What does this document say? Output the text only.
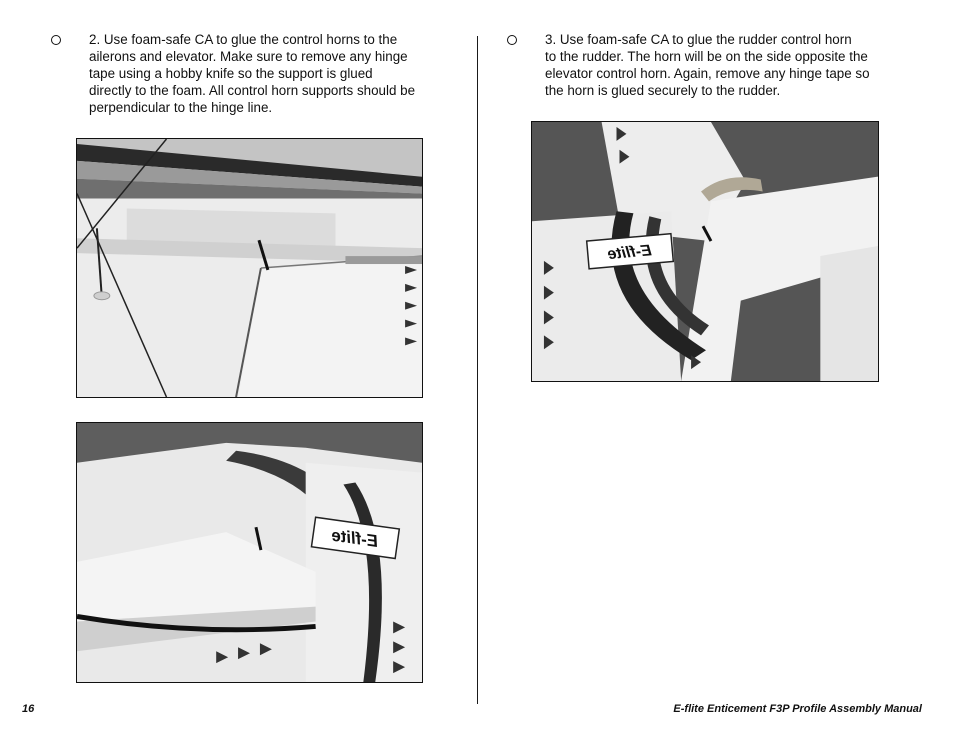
2. Use foam-safe CA to glue the control horns to the
ailerons and elevator. Make sure to remove any hinge
tape using a hobby knife so the support is glued
directly to the foam. All control horn supports should be
perpendicular to the hinge line.
3. Use foam-safe CA to glue the rudder control horn
to the rudder. The horn will be on the side opposite the
elevator control horn. Again, remove any hinge tape so
the horn is glued securely to the rudder.
E-flite
E-flite
16	E-flite Enticement F3P Profile Assembly Manual
